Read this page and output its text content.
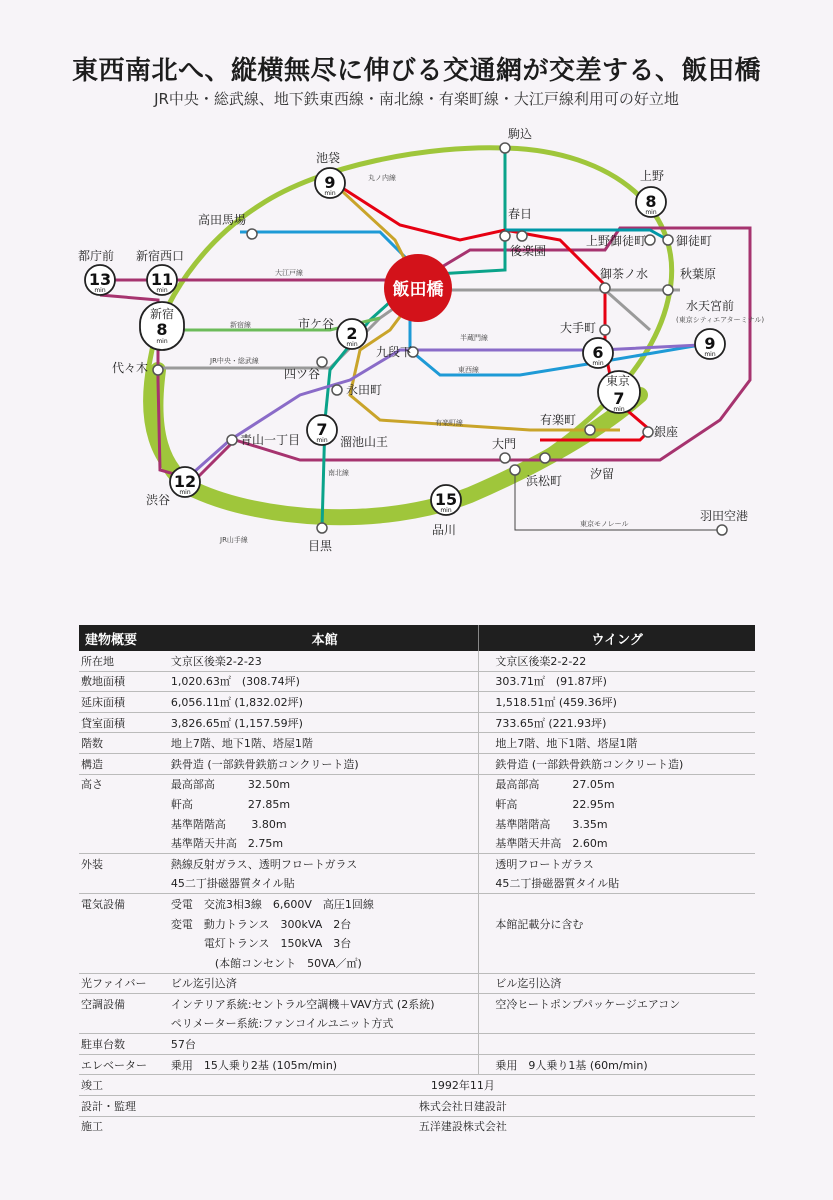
東西南北へ、縦横無尽に伸びる交通網が交差する、飯田橋
JR中央・総武線、地下鉄東西線・南北線・有楽町線・大江戸線利用可の好立地
丸ノ内線
大江戸線
新宿線
JR中央・総武線
半蔵門線
東西線
有楽町線
南北線
JR山手線
東京モノレール
9
min	8
min
13
min
11
min
2
min	6
min
9
min
7
min
7
min
12
min	15
min
新宿
8
min
飯田橋
駒込
池袋
上野
高田馬場	春日
後楽園
上野御徒町 御徒町
都庁前 新宿西口
御茶ノ水	秋葉原
水天宮前
(東京シティエアターミナル)
市ケ谷	大手町
九段下
代々木	四ツ谷
永田町
東京
有楽町
銀座
青山一丁目	溜池山王	大門
汐留
浜松町
渋谷
品川
羽田空港
目黒
建物概要	本館	ウイング
所在地	文京区後楽2-2-23	文京区後楽2-2-22
敷地面積	1,020.63㎡　(308.74坪)	303.71㎡　(91.87坪)
延床面積	6,056.11㎡ (1,832.02坪)	1,518.51㎡ (459.36坪)
貸室面積	3,826.65㎡ (1,157.59坪)	733.65㎡ (221.93坪)
階数	地上7階、地下1階、塔屋1階	地上7階、地下1階、塔屋1階
構造	鉄骨造 (一部鉄骨鉄筋コンクリート造)	鉄骨造 (一部鉄骨鉄筋コンクリート造)
高さ	最高部高　　　32.50m	最高部高　　　27.05m
	軒高　　　　　27.85m	軒高　　　　　22.95m
	基準階階高　　 3.80m	基準階階高　　3.35m
	基準階天井高　2.75m	基準階天井高　2.60m
外装	熱線反射ガラス、透明フロートガラス	透明フロートガラス
	45二丁掛磁器質タイル貼	45二丁掛磁器質タイル貼
電気設備	受電　交流3相3線　6,600V　高圧1回線	
	変電　動力トランス　300kVA　2台	本館記載分に含む
	　　　電灯トランス　150kVA　3台	
	　　　　(本館コンセント　50VA／㎡)	
光ファイバー	ビル迄引込済	ビル迄引込済
空調設備	インテリア系統:セントラル空調機＋VAV方式 (2系統)	空冷ヒートポンプパッケージエアコン
	ペリメーター系統:ファンコイルユニット方式	
駐車台数	57台	
エレベーター	乗用　15人乗り2基 (105m/min)	乗用　9人乗り1基 (60m/min)
竣工	1992年11月	
設計・監理	株式会社日建設計	
施工	五洋建設株式会社	
